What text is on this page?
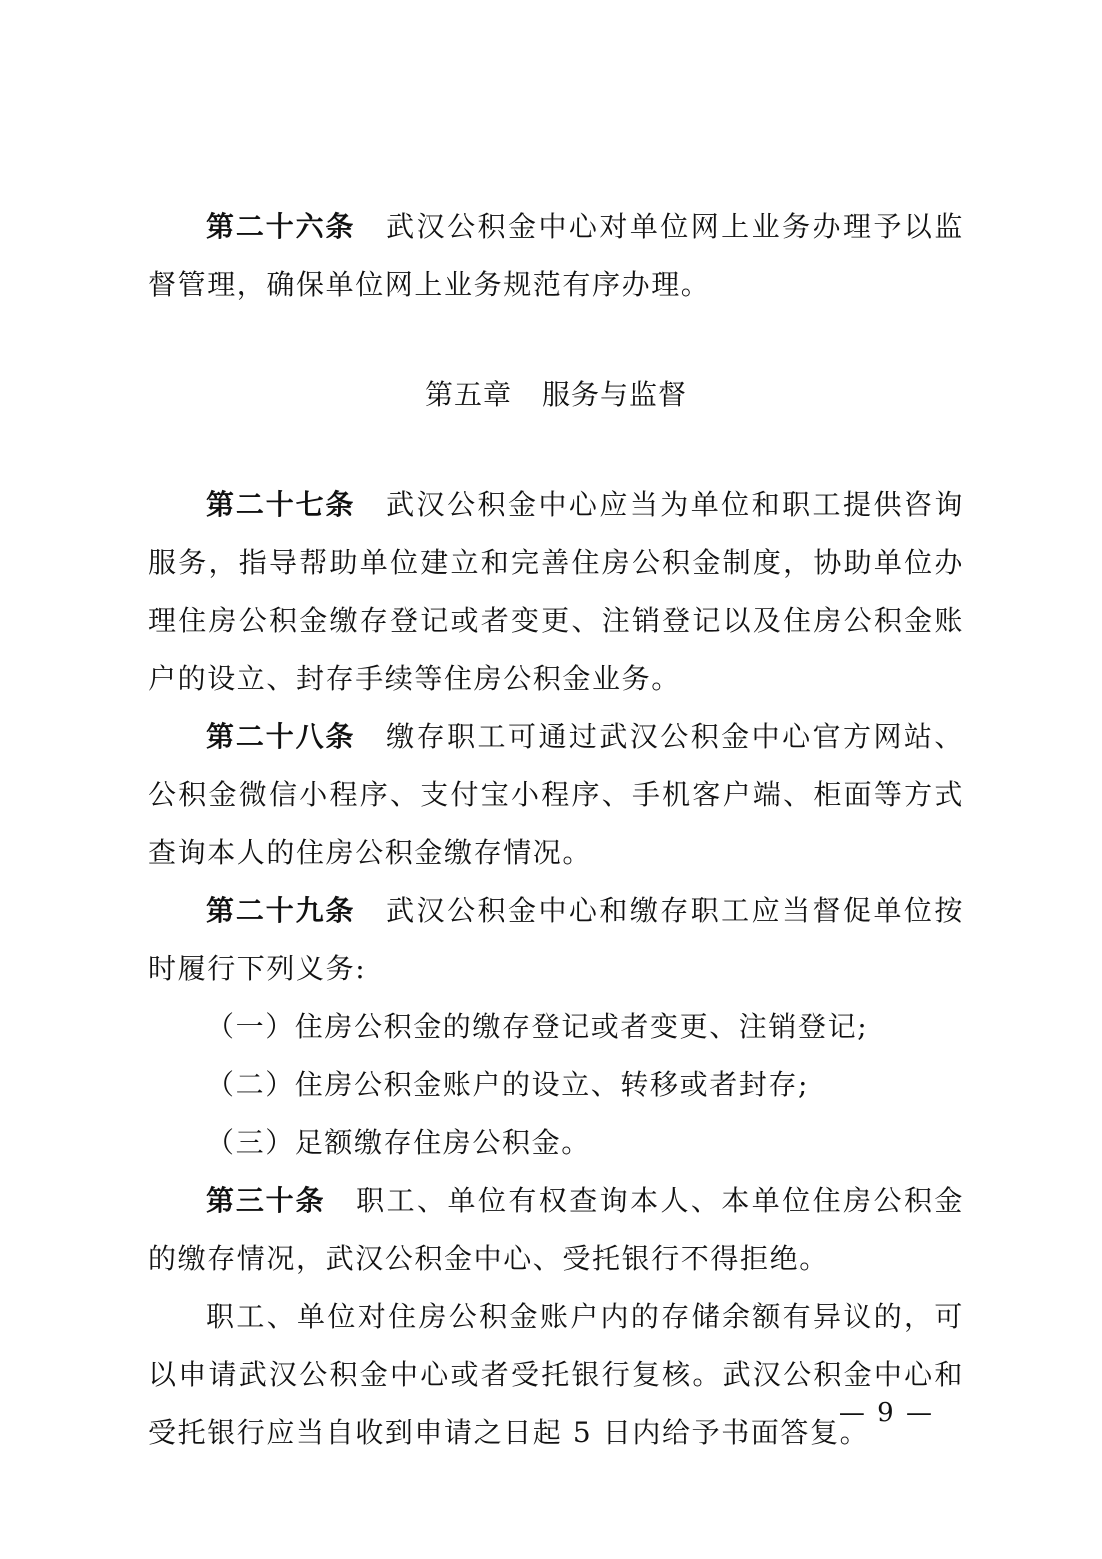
第二十六条 武汉公积金中心对单位网上业务办理予以监督管理，确保单位网上业务规范有序办理。

第五章 服务与监督

第二十七条 武汉公积金中心应当为单位和职工提供咨询服务，指导帮助单位建立和完善住房公积金制度，协助单位办理住房公积金缴存登记或者变更、注销登记以及住房公积金账户的设立、封存手续等住房公积金业务。

第二十八条 缴存职工可通过武汉公积金中心官方网站、公积金微信小程序、支付宝小程序、手机客户端、柜面等方式查询本人的住房公积金缴存情况。

第二十九条 武汉公积金中心和缴存职工应当督促单位按时履行下列义务:

（一）住房公积金的缴存登记或者变更、注销登记;

（二）住房公积金账户的设立、转移或者封存;

（三）足额缴存住房公积金。

第三十条 职工、单位有权查询本人、本单位住房公积金的缴存情况，武汉公积金中心、受托银行不得拒绝。

职工、单位对住房公积金账户内的存储余额有异议的，可以申请武汉公积金中心或者受托银行复核。武汉公积金中心和受托银行应当自收到申请之日起 5 日内给予书面答复。

— 9 —
